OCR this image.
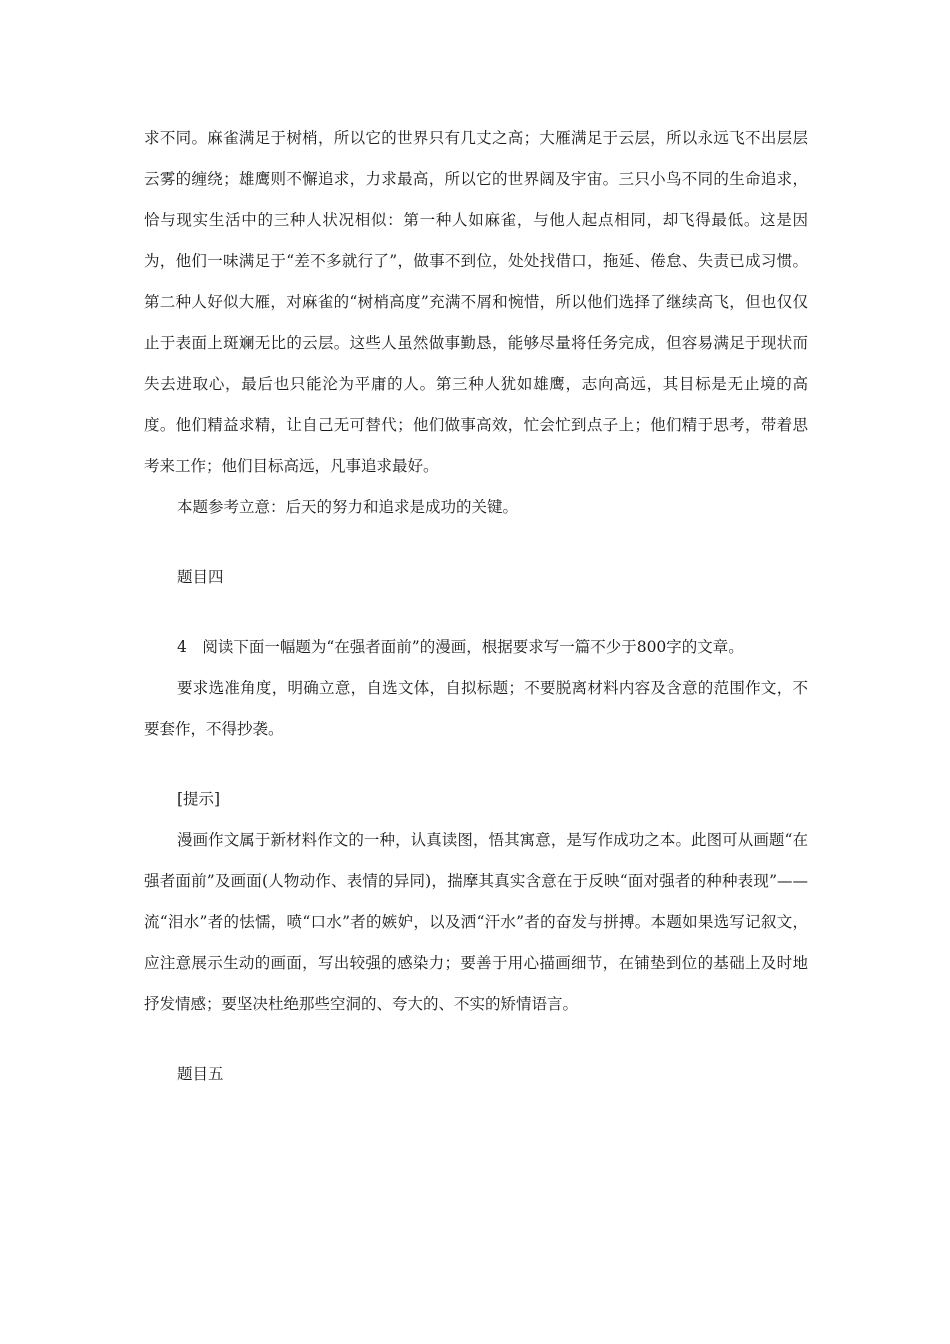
求不同。麻雀满足于树梢，所以它的世界只有几丈之高；大雁满足于云层，所以永远飞不出层层云雾的缠绕；雄鹰则不懈追求，力求最高，所以它的世界阔及宇宙。三只小鸟不同的生命追求，恰与现实生活中的三种人状况相似：第一种人如麻雀，与他人起点相同，却飞得最低。这是因为，他们一味满足于“差不多就行了”，做事不到位，处处找借口，拖延、倦怠、失责已成习惯。第二种人好似大雁，对麻雀的“树梢高度”充满不屑和惋惜，所以他们选择了继续高飞，但也仅仅止于表面上斑斓无比的云层。这些人虽然做事勤恳，能够尽量将任务完成，但容易满足于现状而失去进取心，最后也只能沦为平庸的人。第三种人犹如雄鹰，志向高远，其目标是无止境的高度。他们精益求精，让自己无可替代；他们做事高效，忙会忙到点子上；他们精于思考，带着思考来工作；他们目标高远，凡事追求最好。

本题参考立意：后天的努力和追求是成功的关键。

题目四

4　阅读下面一幅题为“在强者面前”的漫画，根据要求写一篇不少于800字的文章。

要求选准角度，明确立意，自选文体，自拟标题；不要脱离材料内容及含意的范围作文，不要套作，不得抄袭。

[提示]

漫画作文属于新材料作文的一种，认真读图，悟其寓意，是写作成功之本。此图可从画题“在强者面前”及画面(人物动作、表情的异同)，揣摩其真实含意在于反映“面对强者的种种表现”——流“泪水”者的怯懦，喷“口水”者的嫉妒，以及洒“汗水”者的奋发与拼搏。本题如果选写记叙文，应注意展示生动的画面，写出较强的感染力；要善于用心描画细节，在铺垫到位的基础上及时地抒发情感；要坚决杜绝那些空洞的、夸大的、不实的矫情语言。

题目五
